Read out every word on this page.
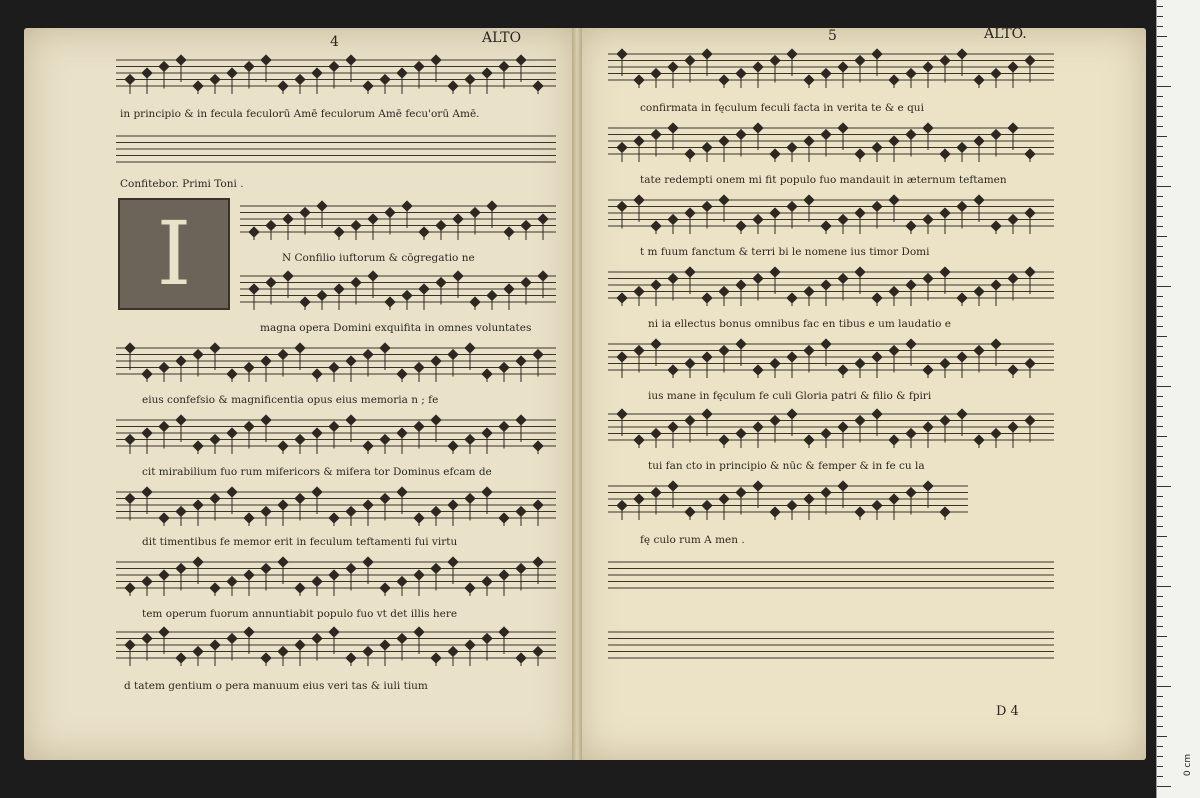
4	ALTO	5	ALTO.
I
in principio & in fecula feculorū Amē feculorum Amē fecu'orū Amē.
Confitebor. Primi Toni .
N Confilio iuftorum & cōgregatio ne
magna opera Domini exquifita in omnes voluntates
eius confefsio & magnificentia opus eius memoria n ; fe
cit mirabilium fuo rum mifericors & mifera tor Dominus efcam de
dit timentibus fe memor erit in feculum teftamenti fui virtu
tem operum fuorum annuntiabit populo fuo vt det illis here
d tatem gentium o pera manuum eius veri tas & iuli tium
confirmata in fęculum feculi facta in verita te & e qui
tate redempti onem mi fit populo fuo mandauit in æternum teftamen
t m fuum fanctum & terri bi le nomene ius timor Domi
ni ia ellectus bonus omnibus fac en tibus e um laudatio e
ius mane in fęculum fe culi Gloria patri & filio & fpiri
tui fan cto in principio & nūc & femper & in fe cu la
fę culo rum A men .
D 4
0 cm
